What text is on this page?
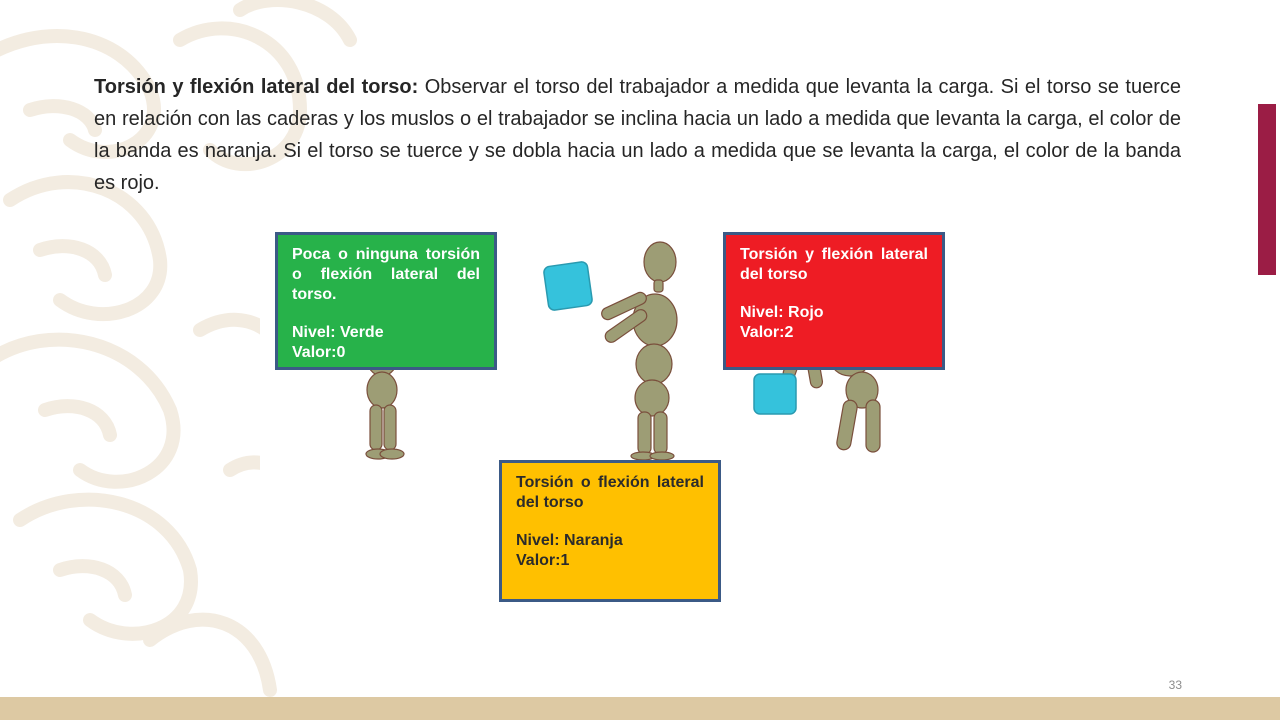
Torsión y flexión lateral del torso: Observar el torso del trabajador a medida que levanta la carga. Si el torso se tuerce en relación con las caderas y los muslos o el trabajador se inclina hacia un lado a medida que levanta la carga, el color de la banda es naranja. Si el torso se tuerce y se dobla hacia un lado a medida que se levanta la carga, el color de la banda es rojo.

Poca o ninguna torsión o flexión lateral del torso.

Nivel: Verde

Valor:0

Torsión o flexión lateral del torso

Nivel: Naranja

Valor:1

Torsión y flexión lateral del torso

Nivel: Rojo

Valor:2

33
